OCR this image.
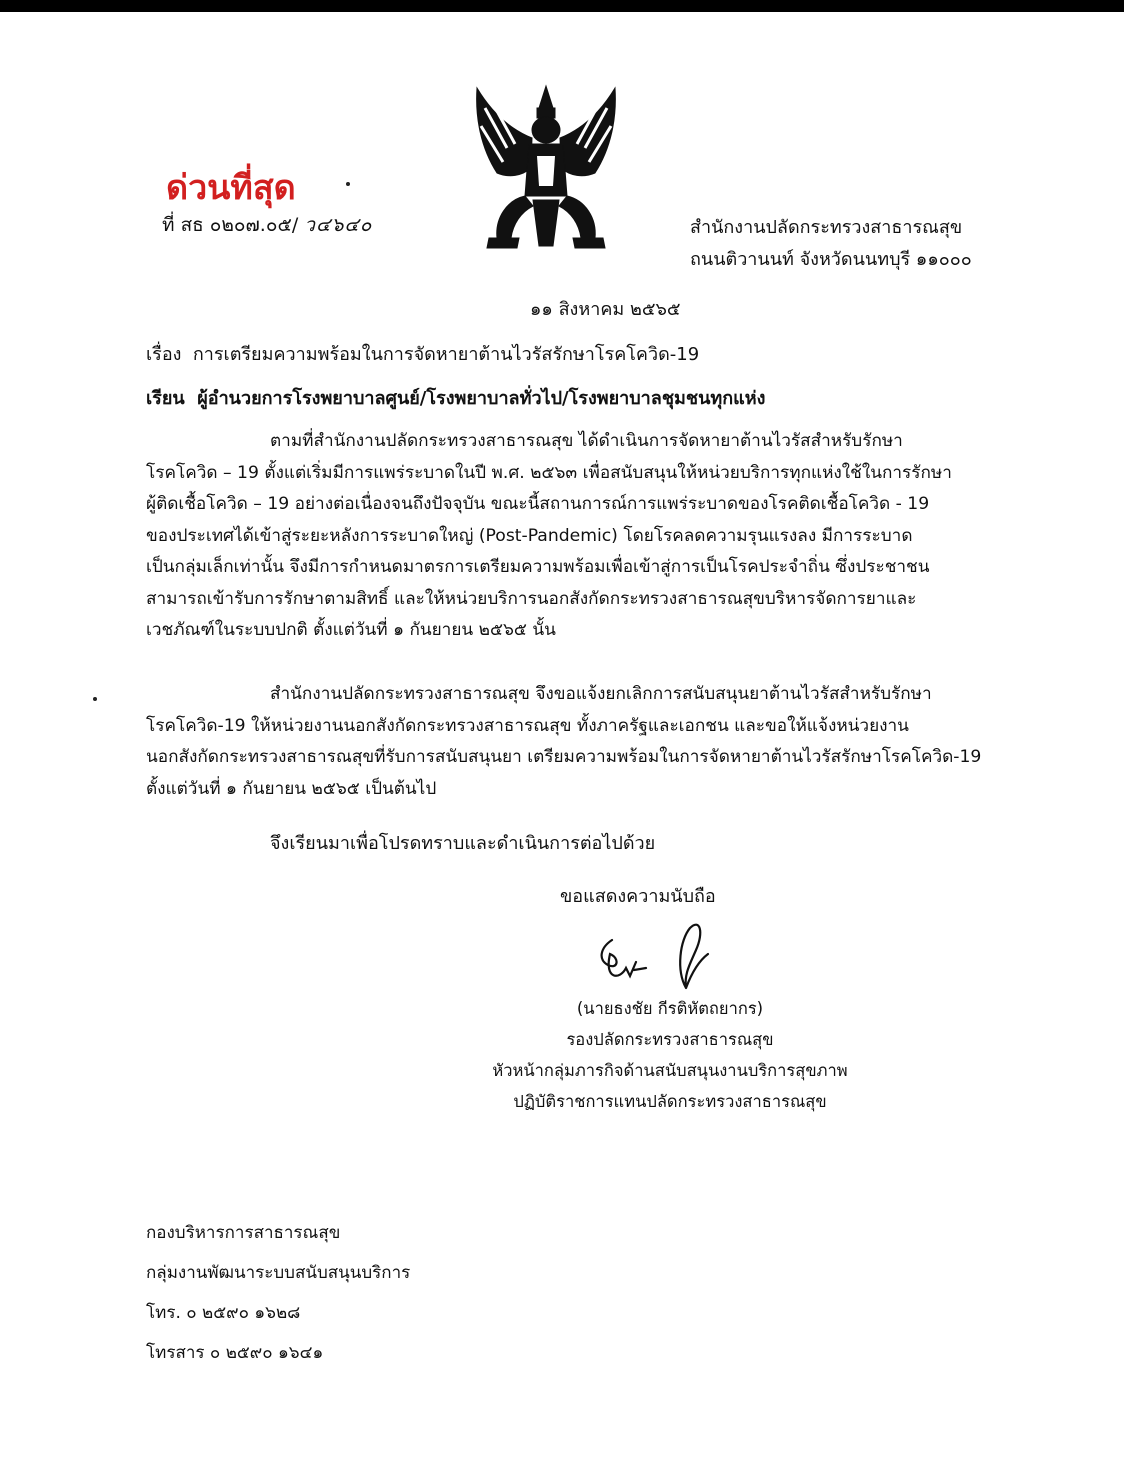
ด่วนที่สุด
ที่ สธ ๐๒๐๗.๐๕/ ว๔๖๔๐	สำนักงานปลัดกระทรวงสาธารณสุข
ถนนติวานนท์ จังหวัดนนทบุรี ๑๑๐๐๐
๑๑ สิงหาคม ๒๕๖๕
เรื่อง การเตรียมความพร้อมในการจัดหายาต้านไวรัสรักษาโรคโควิด-19
เรียน ผู้อำนวยการโรงพยาบาลศูนย์/โรงพยาบาลทั่วไป/โรงพยาบาลชุมชนทุกแห่ง
ตามที่สำนักงานปลัดกระทรวงสาธารณสุข ได้ดำเนินการจัดหายาต้านไวรัสสำหรับรักษา
โรคโควิด – 19 ตั้งแต่เริ่มมีการแพร่ระบาดในปี พ.ศ. ๒๕๖๓ เพื่อสนับสนุนให้หน่วยบริการทุกแห่งใช้ในการรักษา
ผู้ติดเชื้อโควิด – 19 อย่างต่อเนื่องจนถึงปัจจุบัน ขณะนี้สถานการณ์การแพร่ระบาดของโรคติดเชื้อโควิด - 19
ของประเทศได้เข้าสู่ระยะหลังการระบาดใหญ่ (Post-Pandemic) โดยโรคลดความรุนแรงลง มีการระบาด
เป็นกลุ่มเล็กเท่านั้น จึงมีการกำหนดมาตรการเตรียมความพร้อมเพื่อเข้าสู่การเป็นโรคประจำถิ่น ซึ่งประชาชน
สามารถเข้ารับการรักษาตามสิทธิ์ และให้หน่วยบริการนอกสังกัดกระทรวงสาธารณสุขบริหารจัดการยาและ
เวชภัณฑ์ในระบบปกติ ตั้งแต่วันที่ ๑ กันยายน ๒๕๖๕ นั้น
สำนักงานปลัดกระทรวงสาธารณสุข จึงขอแจ้งยกเลิกการสนับสนุนยาต้านไวรัสสำหรับรักษา
โรคโควิด-19 ให้หน่วยงานนอกสังกัดกระทรวงสาธารณสุข ทั้งภาครัฐและเอกชน และขอให้แจ้งหน่วยงาน
นอกสังกัดกระทรวงสาธารณสุขที่รับการสนับสนุนยา เตรียมความพร้อมในการจัดหายาต้านไวรัสรักษาโรคโควิด-19
ตั้งแต่วันที่ ๑ กันยายน ๒๕๖๕ เป็นต้นไป
จึงเรียนมาเพื่อโปรดทราบและดำเนินการต่อไปด้วย
ขอแสดงความนับถือ
(นายธงชัย กีรติหัตถยากร)
รองปลัดกระทรวงสาธารณสุข
หัวหน้ากลุ่มภารกิจด้านสนับสนุนงานบริการสุขภาพ
ปฏิบัติราชการแทนปลัดกระทรวงสาธารณสุข
กองบริหารการสาธารณสุข
กลุ่มงานพัฒนาระบบสนับสนุนบริการ
โทร. ๐ ๒๕๙๐ ๑๖๒๘
โทรสาร ๐ ๒๕๙๐ ๑๖๔๑
